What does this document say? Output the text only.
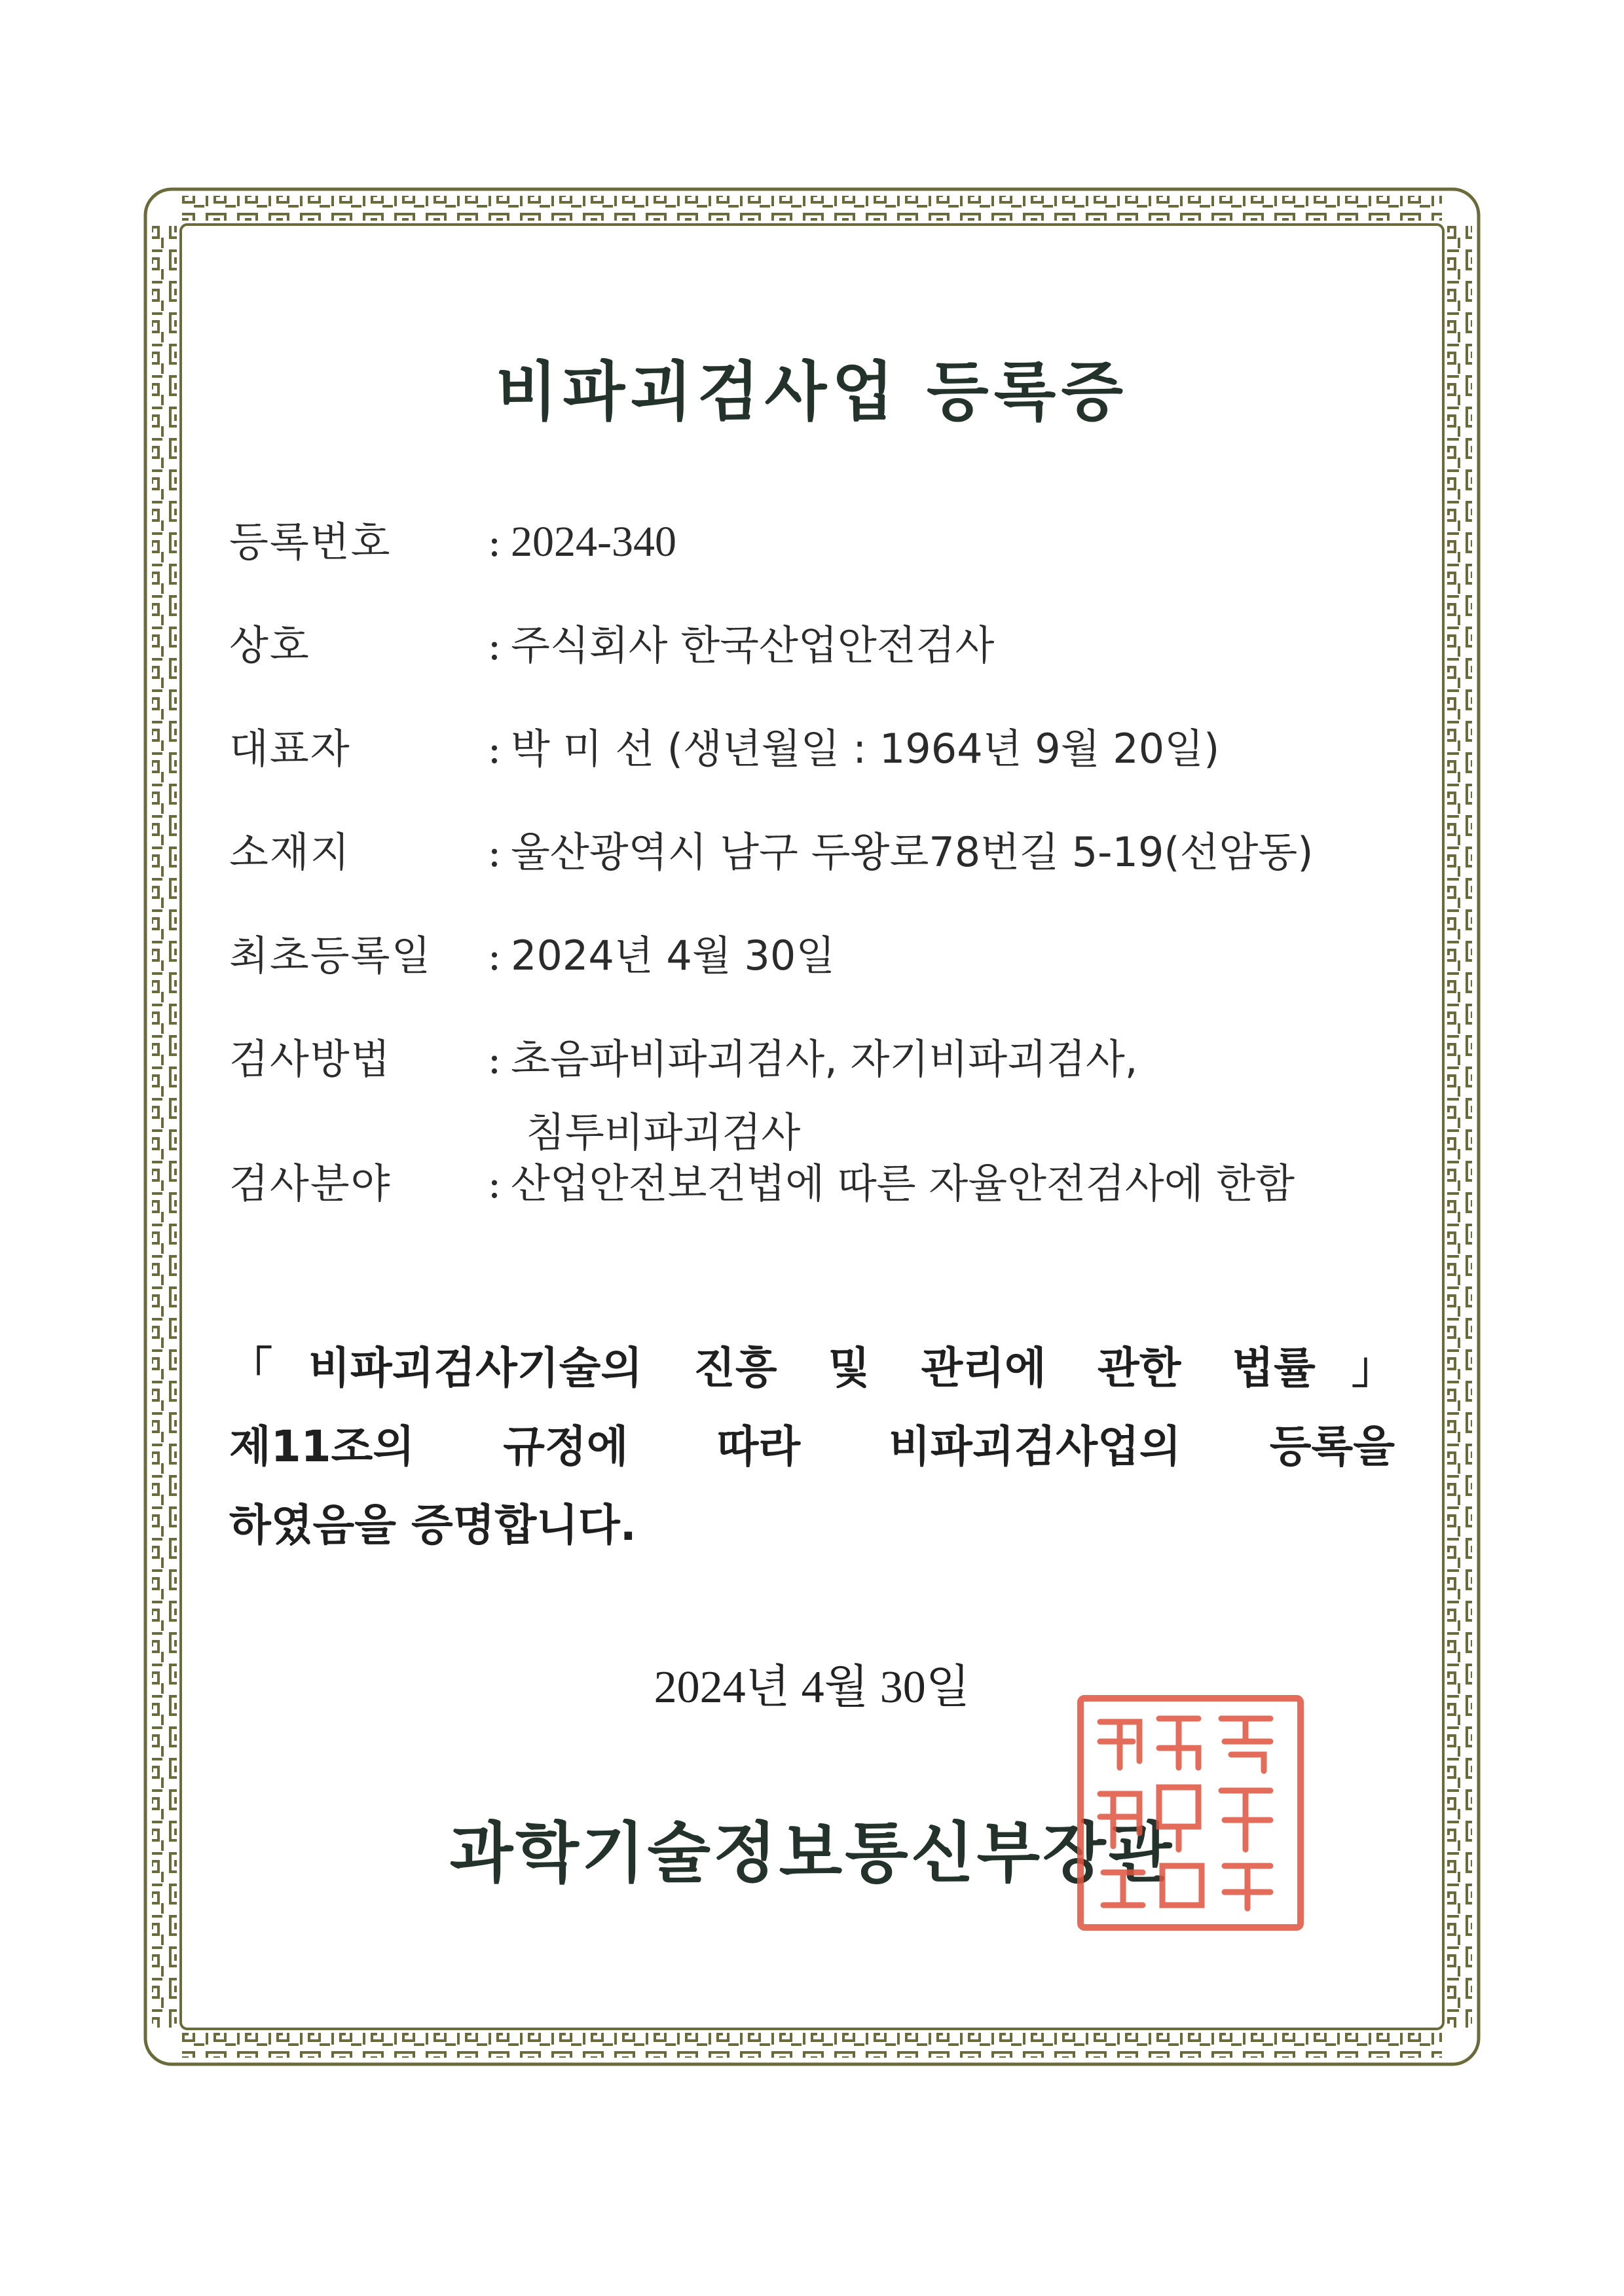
비파괴검사업 등록증
등록번호 : 2024-340
상호	: 주식회사 한국산업안전검사
대표자	: 박 미 선 (생년월일 : 1964년 9월 20일)
소재지	: 울산광역시 남구 두왕로78번길 5-19(선암동)
최초등록일 : 2024년 4월 30일
검사방법 : 초음파비파괴검사, 자기비파괴검사,
침투비파괴검사
검사분야 : 산업안전보건법에 따른 자율안전검사에 한함
「비파괴검사기술의 진흥 및 관리에 관한 법률」
제11조의 규정에 따라 비파괴검사업의 등록을
하였음을 증명합니다.
2024년 4월 30일
과학기술정보통신부장관
